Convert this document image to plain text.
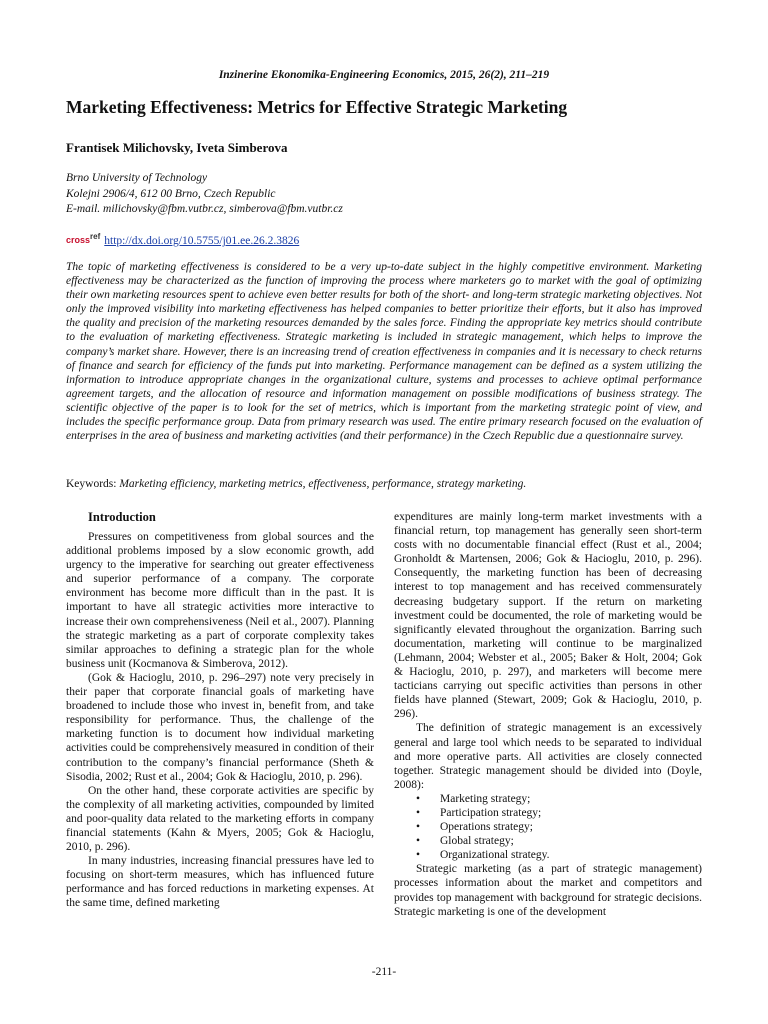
Inzinerine Ekonomika-Engineering Economics, 2015, 26(2), 211–219
Marketing Effectiveness: Metrics for Effective Strategic Marketing
Frantisek Milichovsky, Iveta Simberova
Brno University of Technology
Kolejni 2906/4, 612 00 Brno, Czech Republic
E-mail. milichovsky@fbm.vutbr.cz, simberova@fbm.vutbr.cz
cross$^{ref}$ http://dx.doi.org/10.5755/j01.ee.26.2.3826
The topic of marketing effectiveness is considered to be a very up-to-date subject in the highly competitive environment. Marketing effectiveness may be characterized as the function of improving the process where marketers go to market with the goal of optimizing their own marketing resources spent to achieve even better results for both of the short- and long-term strategic marketing objectives. Not only the improved visibility into marketing effectiveness has helped companies to better prioritize their efforts, but it also has improved the quality and precision of the marketing resources demanded by the sales force. Finding the appropriate key metrics should contribute to the evaluation of marketing effectiveness. Strategic marketing is included in strategic management, which helps to improve the company’s market share. However, there is an increasing trend of creation effectiveness in companies and it is necessary to check returns of finance and search for efficiency of the funds put into marketing. Performance management can be defined as a system utilizing the information to introduce appropriate changes in the organizational culture, systems and processes to achieve optimal performance agreement targets, and the allocation of resource and information management on possible modifications of business strategy. The scientific objective of the paper is to look for the set of metrics, which is important from the marketing strategic point of view, and includes the specific performance group. Data from primary research was used. The entire primary research focused on the evaluation of enterprises in the area of business and marketing activities (and their performance) in the Czech Republic due a questionnaire survey.
Keywords: Marketing efficiency, marketing metrics, effectiveness, performance, strategy marketing.
Introduction

Pressures on competitiveness from global sources and the additional problems imposed by a slow economic growth, add urgency to the imperative for searching out greater effectiveness and superior performance of a company. The corporate environment has become more difficult than in the past. It is important to have all strategic activities more interactive to increase their own comprehensiveness (Neil et al., 2007). Planning the strategic marketing as a part of corporate complexity takes similar approaches to defining a strategic plan for the whole business unit (Kocmanova & Simberova, 2012).

(Gok & Hacioglu, 2010, p. 296–297) note very precisely in their paper that corporate financial goals of marketing have broadened to include those who invest in, benefit from, and take responsibility for performance. Thus, the challenge of the marketing function is to document how individual marketing activities could be comprehensively measured in condition of their contribution to the company’s financial performance (Sheth & Sisodia, 2002; Rust et al., 2004; Gok & Hacioglu, 2010, p. 296).

On the other hand, these corporate activities are specific by the complexity of all marketing activities, compounded by limited and poor-quality data related to the marketing efforts in company financial statements (Kahn & Myers, 2005; Gok & Hacioglu, 2010, p. 296).

In many industries, increasing financial pressures have led to focusing on short-term measures, which has influenced future performance and has forced reductions in marketing expenses. At the same time, defined marketing

expenditures are mainly long-term market investments with a financial return, top management has generally seen short-term costs with no documentable financial effect (Rust et al., 2004; Gronholdt & Martensen, 2006; Gok & Hacioglu, 2010, p. 296). Consequently, the marketing function has been of decreasing interest to top management and has received commensurately decreasing budgetary support. If the return on marketing investment could be documented, the role of marketing would be significantly elevated throughout the organization. Barring such documentation, marketing will continue to be marginalized (Lehmann, 2004; Webster et al., 2005; Baker & Holt, 2004; Gok & Hacioglu, 2010, p. 297), and marketers will become mere tacticians carrying out specific activities than persons in other fields have planned (Stewart, 2009; Gok & Hacioglu, 2010, p. 296).

The definition of strategic management is an excessively general and large tool which needs to be separated to individual and more operative parts. All activities are closely connected together. Strategic management should be divided into (Doyle, 2008):

• Marketing strategy;
• Participation strategy;
• Operations strategy;
• Global strategy;
• Organizational strategy.

Strategic marketing (as a part of strategic management) processes information about the market and competitors and provides top management with background for strategic decisions. Strategic marketing is one of the development

-211-
